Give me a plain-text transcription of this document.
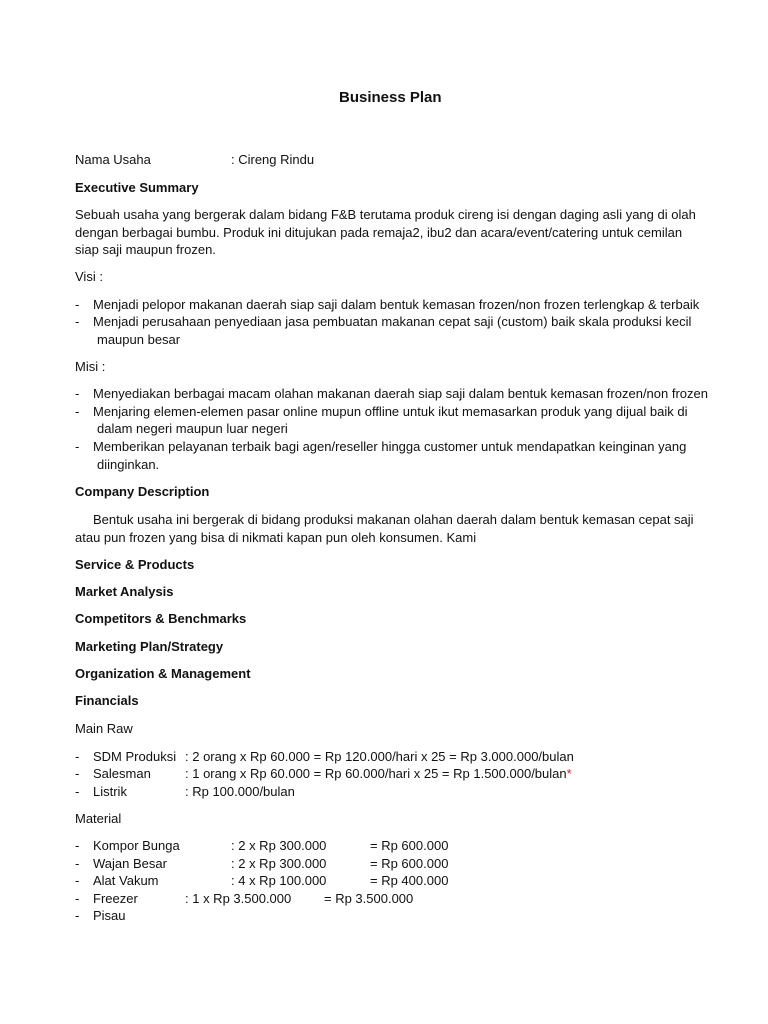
Business Plan
Nama Usaha	: Cireng Rindu
Executive Summary
Sebuah usaha yang bergerak dalam bidang F&B terutama produk cireng isi dengan daging asli yang di olah
dengan berbagai bumbu. Produk ini ditujukan pada remaja2, ibu2 dan acara/event/catering untuk cemilan
siap saji maupun frozen.
Visi :
- Menjadi pelopor makanan daerah siap saji dalam bentuk kemasan frozen/non frozen terlengkap & terbaik
- Menjadi perusahaan penyediaan jasa pembuatan makanan cepat saji (custom) baik skala produksi kecil
maupun besar
Misi :
- Menyediakan berbagai macam olahan makanan daerah siap saji dalam bentuk kemasan frozen/non frozen
- Menjaring elemen-elemen pasar online mupun offline untuk ikut memasarkan produk yang dijual baik di
dalam negeri maupun luar negeri
- Memberikan pelayanan terbaik bagi agen/reseller hingga customer untuk mendapatkan keinginan yang
diinginkan.
Company Description
Bentuk usaha ini bergerak di bidang produksi makanan olahan daerah dalam bentuk kemasan cepat saji
atau pun frozen yang bisa di nikmati kapan pun oleh konsumen. Kami
Service & Products
Market Analysis
Competitors & Benchmarks
Marketing Plan/Strategy
Organization & Management
Financials
Main Raw
- SDM Produksi : 2 orang x Rp 60.000 = Rp 120.000/hari x 25 = Rp 3.000.000/bulan
- Salesman	: 1 orang x Rp 60.000 = Rp 60.000/hari x 25 = Rp 1.500.000/bulan*
- Listrik	: Rp 100.000/bulan
Material
- Kompor Bunga	: 2 x Rp 300.000	= Rp 600.000
- Wajan Besar	: 2 x Rp 300.000	= Rp 600.000
- Alat Vakum	: 4 x Rp 100.000	= Rp 400.000
- Freezer	: 1 x Rp 3.500.000	= Rp 3.500.000
- Pisau
